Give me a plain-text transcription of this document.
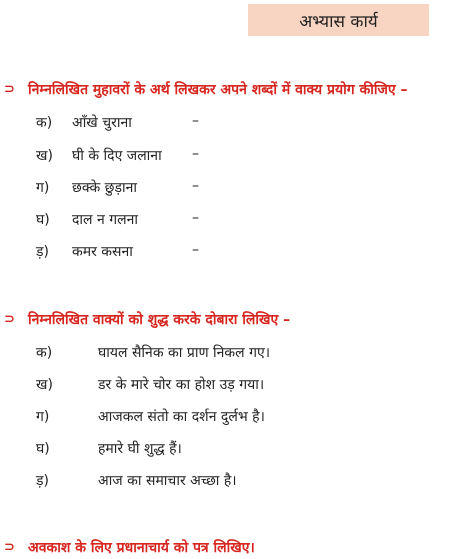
अभ्यास कार्य
⊃ निम्नलिखित मुहावरों के अर्थ लिखकर अपने शब्दों में वाक्य प्रयोग कीजिए –
क) आँखे चुराना	–
ख) घी के दिए जलाना –
ग) छक्के छुड़ाना	–
घ) दाल न गलना	–
ड़) कमर कसना	–
⊃ निम्नलिखित वाक्यों को शुद्ध करके दोबारा लिखिए –
क)	घायल सैनिक का प्राण निकल गए।
ख)	डर के मारे चोर का होश उड़ गया।
ग)	आजकल संतो का दर्शन दुर्लभ है।
घ)	हमारे घी शुद्ध हैं।
ड़)	आज का समाचार अच्छा है।
⊃ अवकाश के लिए प्रधानाचार्य को पत्र लिखिए।
